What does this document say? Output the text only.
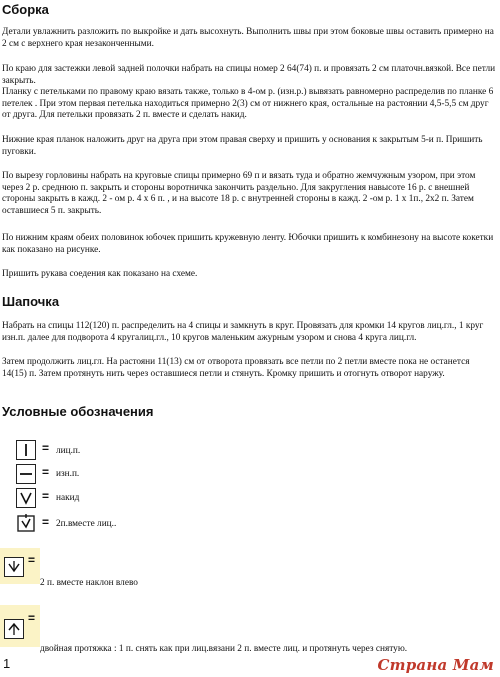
Сборка

Детали увлажнить разложить по выкройке и дать высохнуть. Выполнить швы при этом боковые швы оставить примерно на 2 см с верхнего края незаконченными.

По краю для застежки левой задней полочки набрать на спицы номер 2 64(74) п. и провязать 2 см платочн.вязкой. Все петли закрыть.

Планку с петельками по правому краю вязать также, только в 4-ом р. (изн.р.) вывязать равномерно распределив по планке 6 петелек . При этом первая петелька находиться примерно 2(3) см от нижнего края, остальные на растоянии 4,5-5,5 см друг от друга. Для петельки провязать 2 п. вместе и сделать накид.

Нижние края планок наложить друг на друга при этом правая сверху и пришить у основания к закрытым 5-и п. Пришить пуговки.

По вырезу горловины набрать на круговые спицы примерно 69 п и вязать туда и обратно жемчужным узором, при этом через 2 р. среднюю п. закрыть и стороны воротничка закончить раздельно. Для закругления навысоте 16 р. с внешней стороны закрыть в кажд. 2 - ом р. 4 х 6 п. , и на высоте 18 р. с внутренней стороны в кажд. 2 -ом р. 1 х 1п., 2х2 п. Затем оставшиеся 5 п. закрыть.

По нижним краям обеих половинок юбочек пришить кружевную ленту. Юбочки пришить к комбинезону на высоте кокетки как показано на рисунке.

Пришить рукава соедения как показано на схеме.

Шапочка

Набрать на спицы 112(120) п. распределить на 4 спицы и замкнуть в круг. Провязать для кромки 14 кругов лиц.гл., 1 круг изн.п. далее для подворота 4 кругалиц.гл., 10 кругов маленьким ажурным узором и снова 4 круга лиц.гл.

Затем продолжить лиц.гл. На растояни 11(13) см от отворота провязать все петли по 2 петли вместе пока не останется 14(15) п. Затем протянуть нить через оставшиеся петли и стянуть. Кромку пришить и отогнуть отворот наружу.

Условные обозначения
= лиц.п.
= изн.п.
= накид
= 2п.вместе лиц..
=
2 п. вместе наклон влево
=
двойная протяжка : 1 п. снять как при лиц.вязани 2 п. вместе лиц. и протянуть через снятую.
1	Страна Мам
